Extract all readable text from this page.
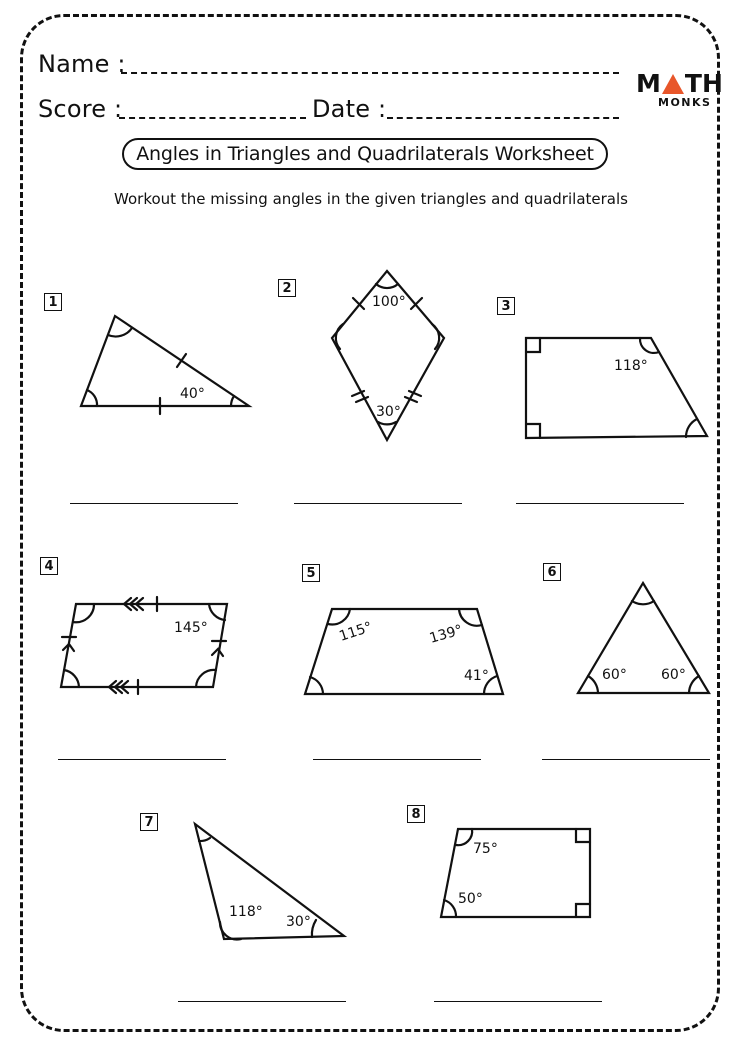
Name :
Score :	Date :
M TH
MONKS
Angles in Triangles and Quadrilaterals Worksheet
Workout the missing angles in the given triangles and quadrilaterals
1
2
3
4	5	6
7
8
40°
100°
30°
118°
145°	115°	139°
41°	60° 60°
118°
30°
75°
50°
